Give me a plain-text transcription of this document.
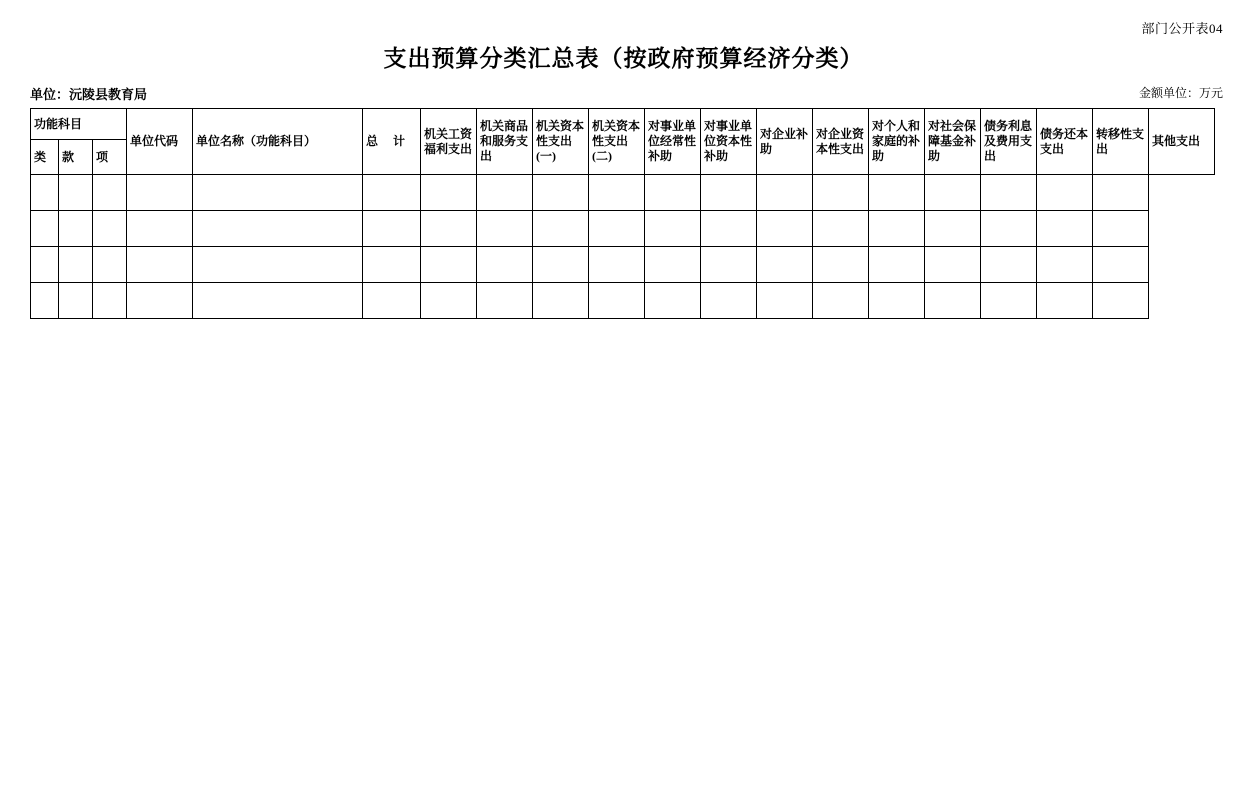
部门公开表04
支出预算分类汇总表（按政府预算经济分类）
单位：沅陵县教育局	金额单位：万元
功能科目			单位代码	单位名称（功能科目）	总 计	机关工资福利支出	机关商品和服务支出	机关资本性支出(一)	机关资本性支出(二)	对事业单位经常性补助	对事业单位资本性补助	对企业补助	对企业资本性支出	对个人和家庭的补助	对社会保障基金补助	债务利息及费用支出	债务还本支出	转移性支出	其他支出
类	款	项																	
